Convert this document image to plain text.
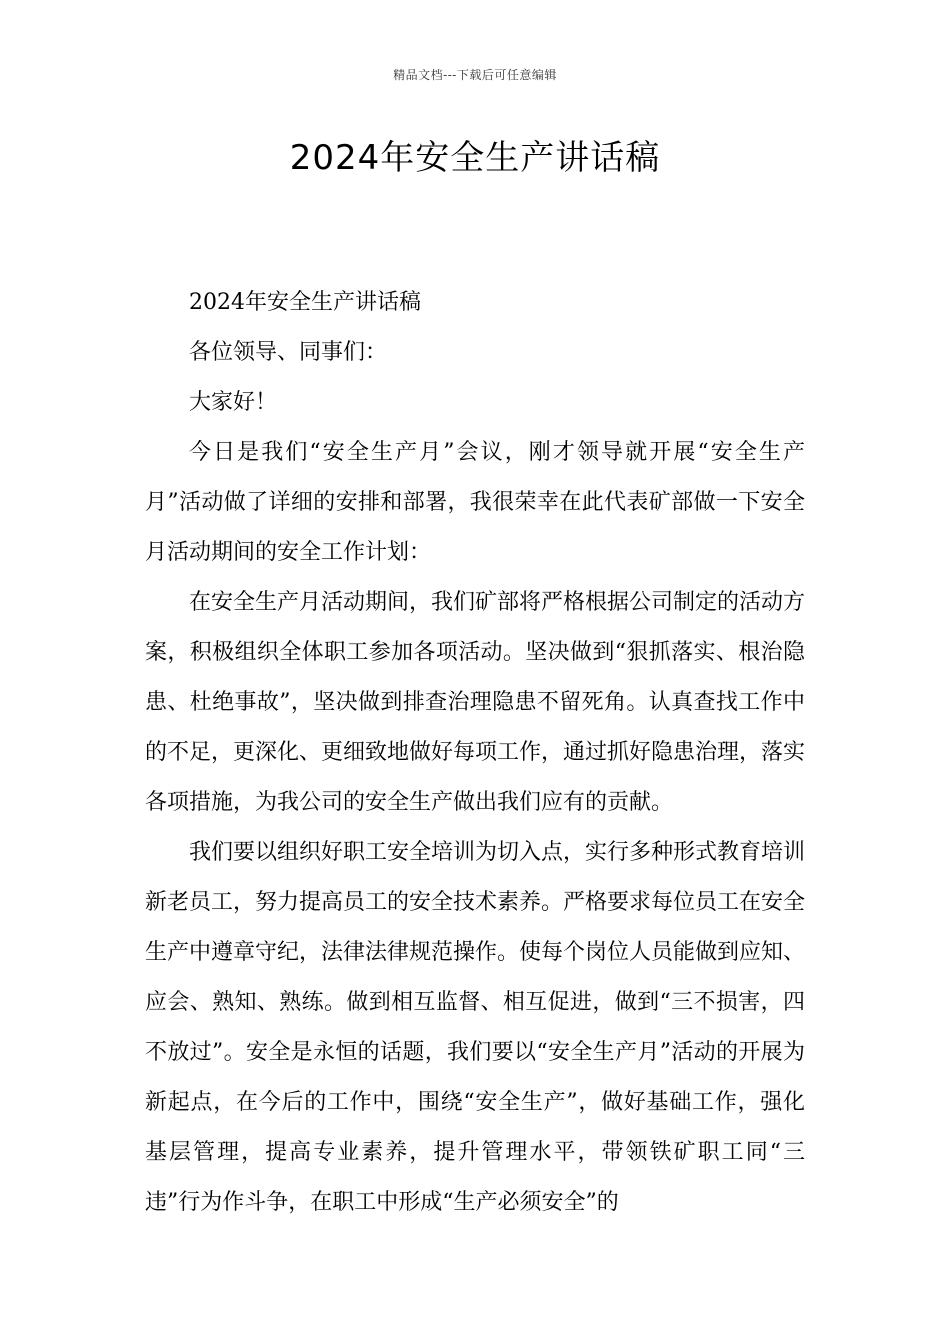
精品文档---下载后可任意编辑
2024年安全生产讲话稿

2024年安全生产讲话稿

各位领导、同事们：

大家好！

今日是我们“安全生产月”会议，刚才领导就开展“安全生产月”活动做了详细的安排和部署，我很荣幸在此代表矿部做一下安全月活动期间的安全工作计划：

在安全生产月活动期间，我们矿部将严格根据公司制定的活动方案，积极组织全体职工参加各项活动。坚决做到“狠抓落实、根治隐患、杜绝事故”，坚决做到排查治理隐患不留死角。认真查找工作中的不足，更深化、更细致地做好每项工作，通过抓好隐患治理，落实各项措施，为我公司的安全生产做出我们应有的贡献。

我们要以组织好职工安全培训为切入点，实行多种形式教育培训新老员工，努力提高员工的安全技术素养。严格要求每位员工在安全生产中遵章守纪，法律法律规范操作。使每个岗位人员能做到应知、应会、熟知、熟练。做到相互监督、相互促进，做到“三不损害，四不放过”。安全是永恒的话题，我们要以“安全生产月”活动的开展为新起点，在今后的工作中，围绕“安全生产”，做好基础工作，强化基层管理，提高专业素养，提升管理水平，带领铁矿职工同“三违”行为作斗争，在职工中形成“生产必须安全”的
